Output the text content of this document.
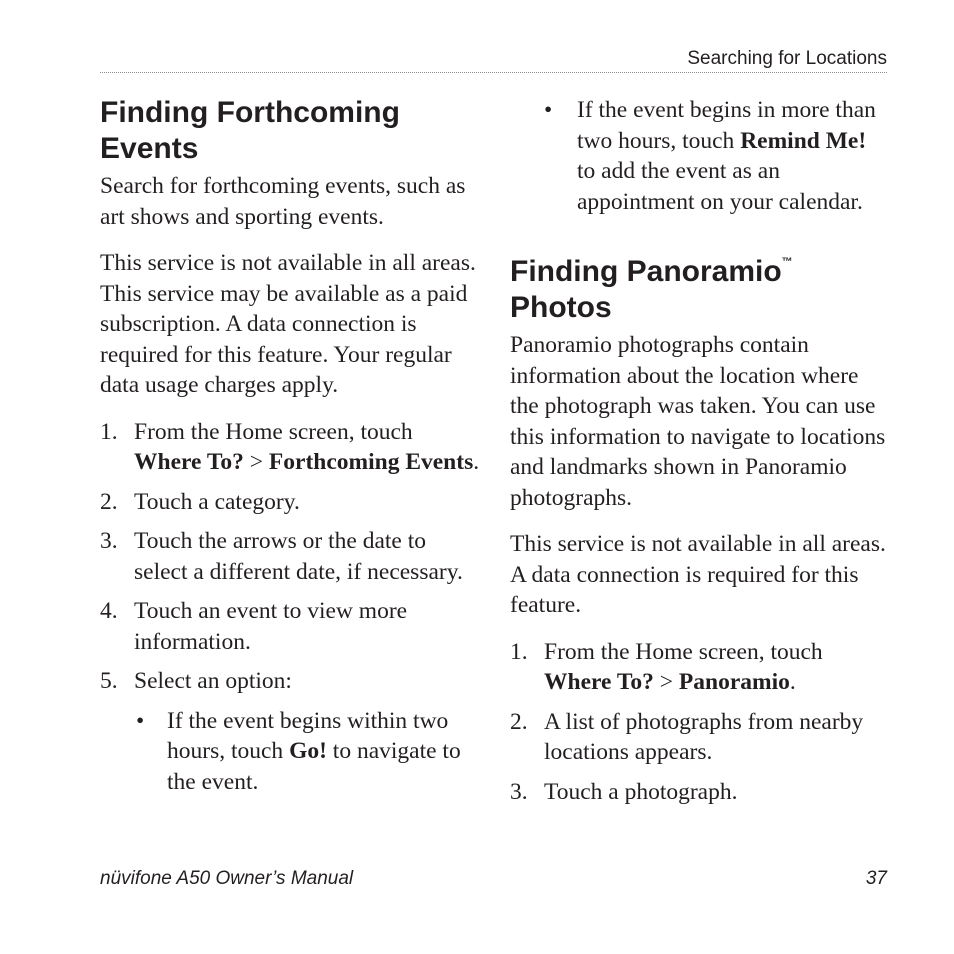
Searching for Locations
Finding Forthcoming Events

Search for forthcoming events, such as art shows and sporting events.

This service is not available in all areas. This service may be available as a paid subscription. A data connection is required for this feature. Your regular data usage charges apply.

1. From the Home screen, touch Where To? > Forthcoming Events.
2. Touch a category.
3. Touch the arrows or the date to select a different date, if necessary.
4. Touch an event to view more information.
5. Select an option:
• If the event begins within two hours, touch Go! to navigate to the event.
• If the event begins in more than two hours, touch Remind Me! to add the event as an appointment on your calendar.
Finding Panoramio™
Photos

Panoramio photographs contain information about the location where the photograph was taken. You can use this information to navigate to locations and landmarks shown in Panoramio photographs.

This service is not available in all areas. A data connection is required for this feature.

1. From the Home screen, touch Where To? > Panoramio.
2. A list of photographs from nearby locations appears.
3. Touch a photograph.
nüvifone A50 Owner’s Manual	37
